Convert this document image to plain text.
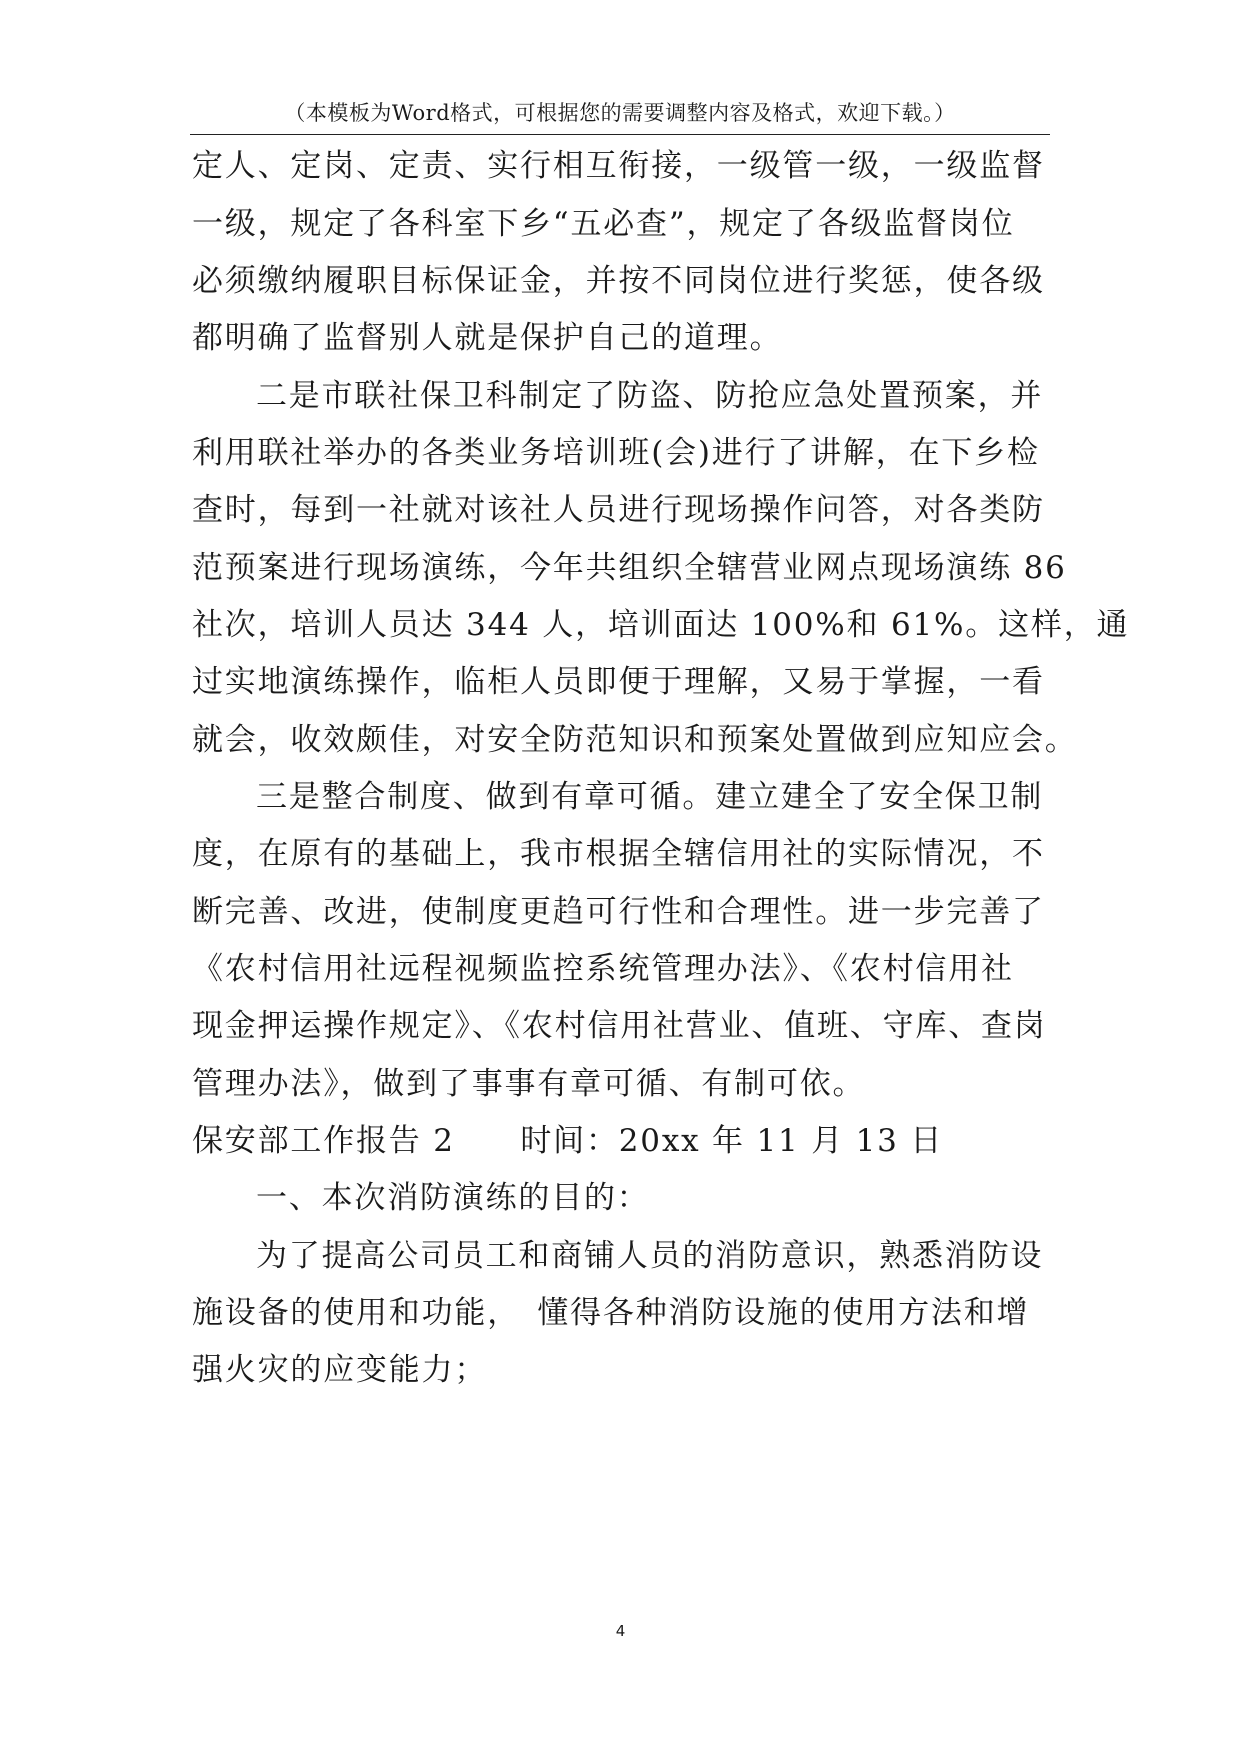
（本模板为Word格式，可根据您的需要调整内容及格式，欢迎下载。）
定人、定岗、定责、实行相互衔接，一级管一级，一级监督
一级，规定了各科室下乡“五必查”，规定了各级监督岗位
必须缴纳履职目标保证金，并按不同岗位进行奖惩，使各级
都明确了监督别人就是保护自己的道理。
二是市联社保卫科制定了防盗、防抢应急处置预案，并
利用联社举办的各类业务培训班(会)进行了讲解，在下乡检
查时，每到一社就对该社人员进行现场操作问答，对各类防
范预案进行现场演练，今年共组织全辖营业网点现场演练 86
社次，培训人员达 344 人，培训面达 100%和 61%。这样，通
过实地演练操作，临柜人员即便于理解，又易于掌握，一看
就会，收效颇佳，对安全防范知识和预案处置做到应知应会。
三是整合制度、做到有章可循。建立建全了安全保卫制
度，在原有的基础上，我市根据全辖信用社的实际情况，不
断完善、改进，使制度更趋可行性和合理性。进一步完善了
《农村信用社远程视频监控系统管理办法》、《农村信用社
现金押运操作规定》、《农村信用社营业、值班、守库、查岗
管理办法》，做到了事事有章可循、有制可依。
保安部工作报告 2　　时间：20xx 年 11 月 13 日
一、本次消防演练的目的：
为了提高公司员工和商铺人员的消防意识，熟悉消防设
施设备的使用和功能，　懂得各种消防设施的使用方法和增
强火灾的应变能力；
4
